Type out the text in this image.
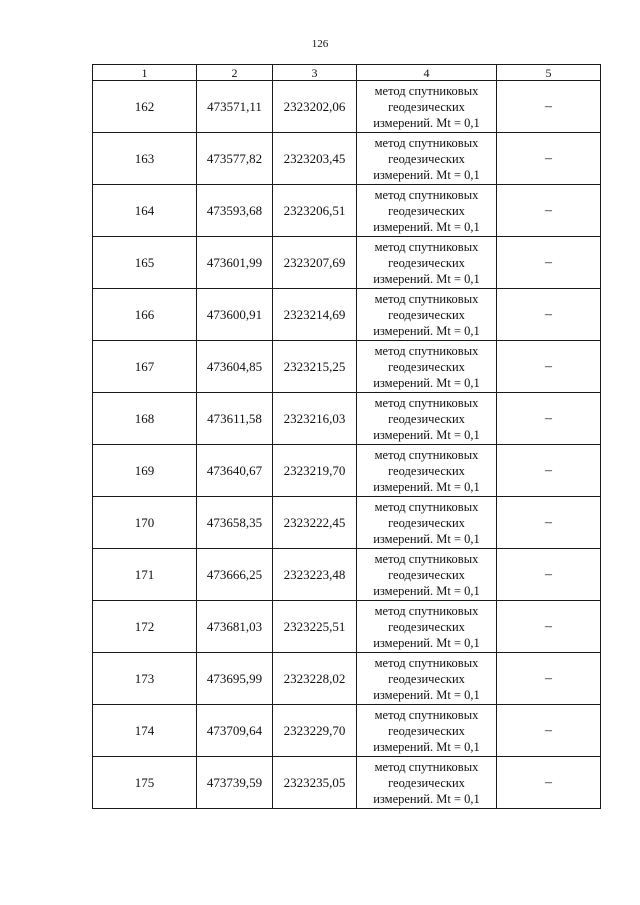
126
1	2	3	4	5
162	473571,11	2323202,06	метод спутниковых
геодезических
измерений. Mt = 0,1	–
163	473577,82	2323203,45	метод спутниковых
геодезических
измерений. Mt = 0,1	–
164	473593,68	2323206,51	метод спутниковых
геодезических
измерений. Mt = 0,1	–
165	473601,99	2323207,69	метод спутниковых
геодезических
измерений. Mt = 0,1	–
166	473600,91	2323214,69	метод спутниковых
геодезических
измерений. Mt = 0,1	–
167	473604,85	2323215,25	метод спутниковых
геодезических
измерений. Mt = 0,1	–
168	473611,58	2323216,03	метод спутниковых
геодезических
измерений. Mt = 0,1	–
169	473640,67	2323219,70	метод спутниковых
геодезических
измерений. Mt = 0,1	–
170	473658,35	2323222,45	метод спутниковых
геодезических
измерений. Mt = 0,1	–
171	473666,25	2323223,48	метод спутниковых
геодезических
измерений. Mt = 0,1	–
172	473681,03	2323225,51	метод спутниковых
геодезических
измерений. Mt = 0,1	–
173	473695,99	2323228,02	метод спутниковых
геодезических
измерений. Mt = 0,1	–
174	473709,64	2323229,70	метод спутниковых
геодезических
измерений. Mt = 0,1	–
175	473739,59	2323235,05	метод спутниковых
геодезических
измерений. Mt = 0,1	–
